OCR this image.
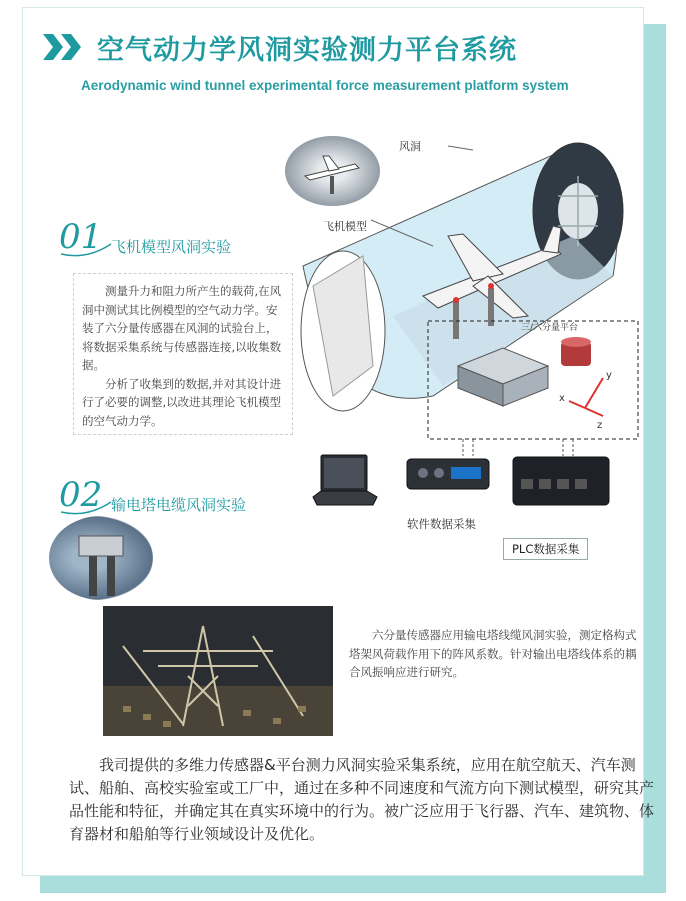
空气动力学风洞实验测力平台系统
Aerodynamic wind tunnel experimental force measurement platform system
01 飞机模型风洞实验

测量升力和阻力所产生的载荷,在风洞中测试其比例模型的空气动力学。安装了六分量传感器在风洞的试验台上，将数据采集系统与传感器连接,以收集数据。

分析了收集到的数据,并对其设计进行了必要的调整,以改进其理论飞机模型的空气动力学。

02 输电塔电缆风洞实验
y
x
z
风洞
飞机模型
三/六分量平台
软件数据采集
PLC数据采集
六分量传感器应用输电塔线缆风洞实验，测定格构式塔架风荷载作用下的阵风系数。针对输出电塔线体系的耦合风振响应进行研究。
我司提供的多维力传感器&平台测力风洞实验采集系统，应用在航空航天、汽车测试、船舶、高校实验室或工厂中，通过在多种不同速度和气流方向下测试模型，研究其产品性能和特征，并确定其在真实环境中的行为。被广泛应用于飞行器、汽车、建筑物、体育器材和船舶等行业领域设计及优化。
